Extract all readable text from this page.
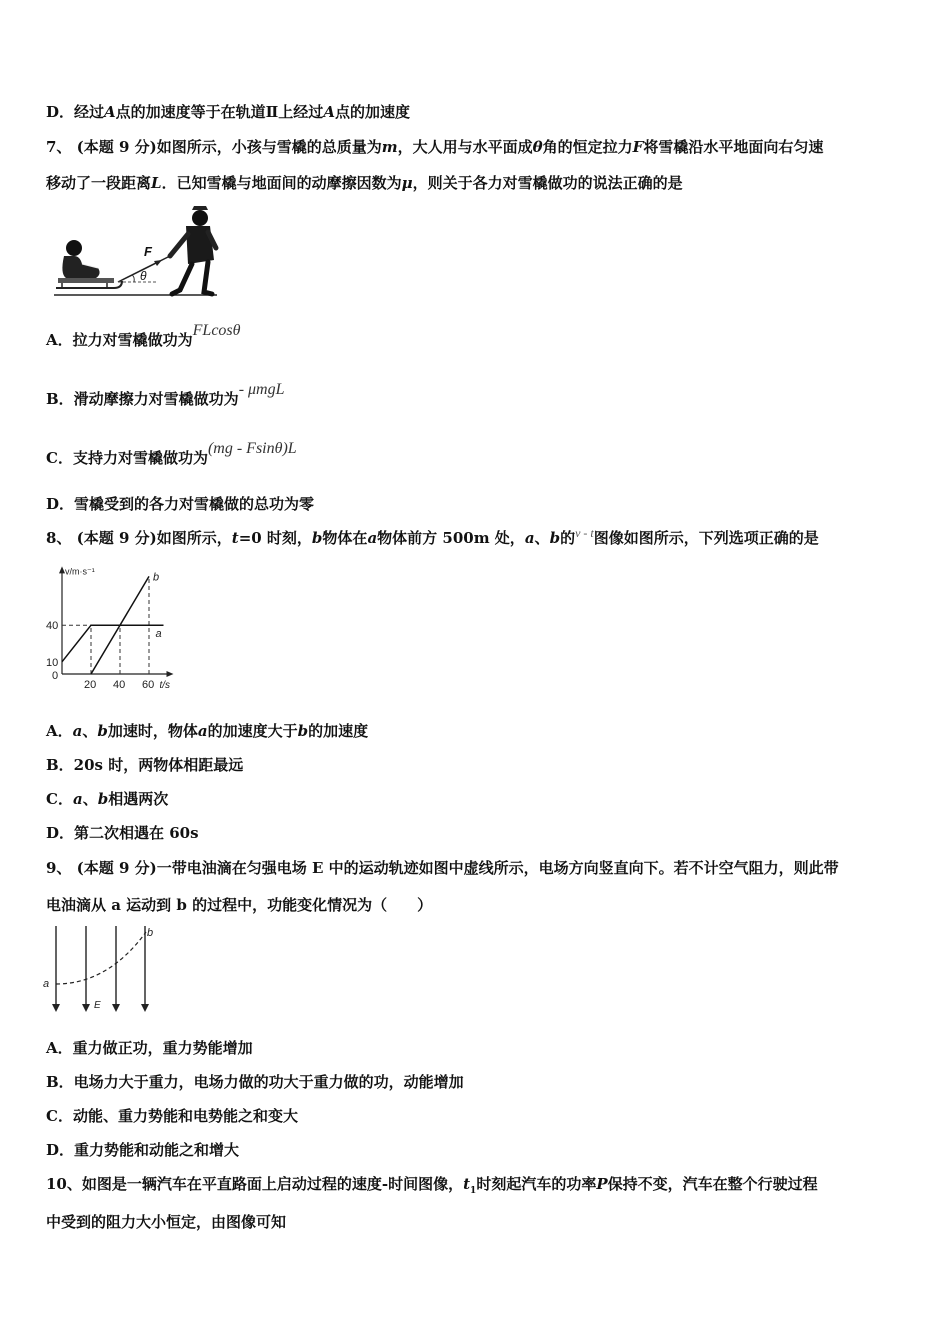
D．经过A点的加速度等于在轨道Ⅱ上经过A点的加速度
7、 (本题 9 分)如图所示，小孩与雪橇的总质量为m，大人用与水平面成θ角的恒定拉力F将雪橇沿水平地面向右匀速
移动了一段距离L．已知雪橇与地面间的动摩擦因数为μ，则关于各力对雪橇做功的说法正确的是
F
θ
A．拉力对雪橇做功为FLcosθ
B．滑动摩擦力对雪橇做功为- μmgL
C．支持力对雪橇做功为(mg - Fsinθ)L
D．雪橇受到的各力对雪橇做的总功为零
8、 (本题 9 分)如图所示，t=0 时刻，b物体在a物体前方 500m 处，a、b的$^{v - t}$图像如图所示，下列选项正确的是
v/m·s⁻¹
t/s
0
20 40 60
10
40
a
b
A．a、b加速时，物体a的加速度大于b的加速度
B．20s 时，两物体相距最远
C．a、b相遇两次
D．第二次相遇在 60s
9、 (本题 9 分)一带电油滴在匀强电场 E 中的运动轨迹如图中虚线所示，电场方向竖直向下。若不计空气阻力，则此带
电油滴从 a 运动到 b 的过程中，功能变化情况为（　　）
a
b
E
A．重力做正功，重力势能增加
B．电场力大于重力，电场力做的功大于重力做的功，动能增加
C．动能、重力势能和电势能之和变大
D．重力势能和动能之和增大
10、如图是一辆汽车在平直路面上启动过程的速度-时间图像，$t_1$时刻起汽车的功率P保持不变，汽车在整个行驶过程
中受到的阻力大小恒定，由图像可知
